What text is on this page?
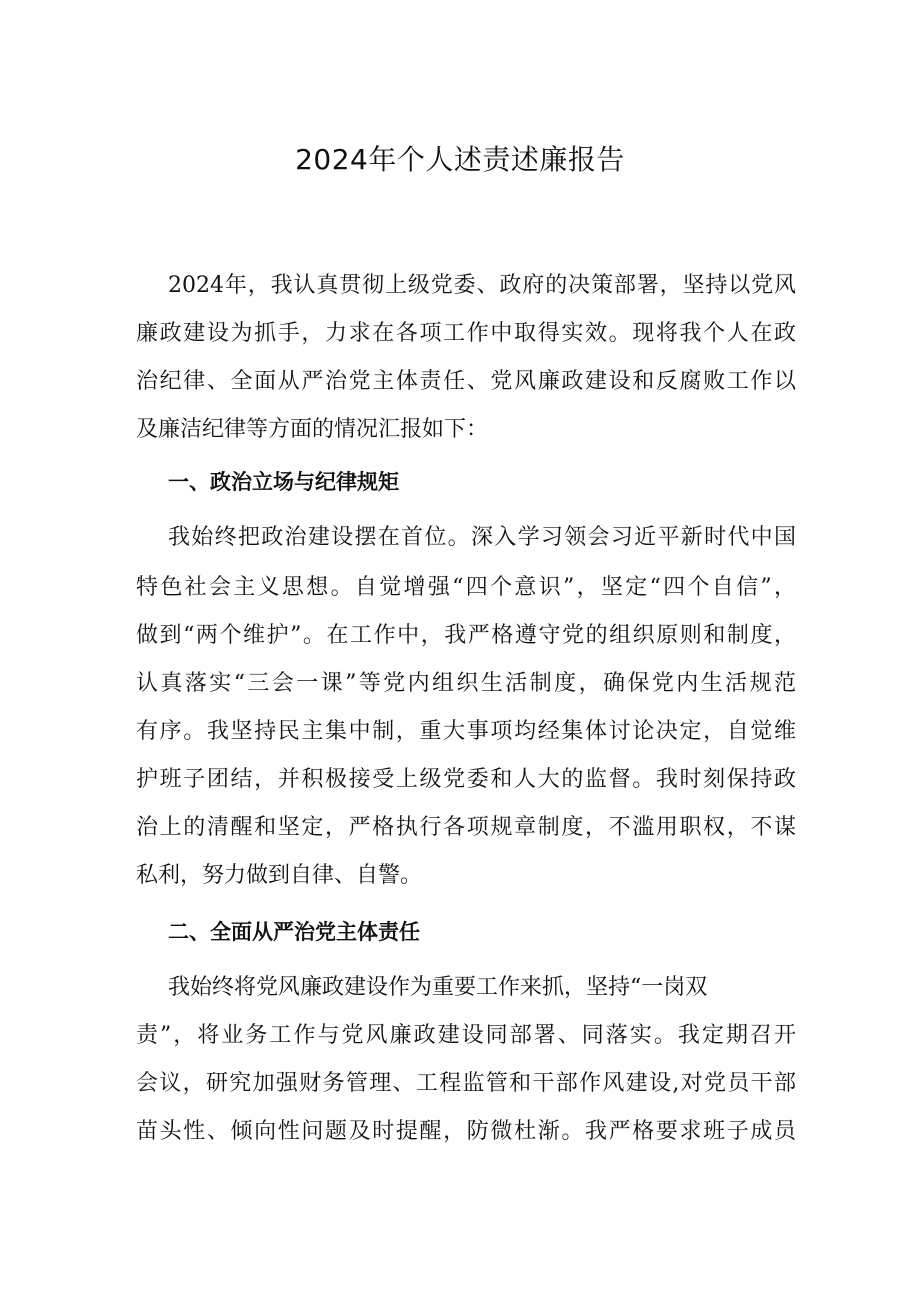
2024年个人述责述廉报告

2024年，我认真贯彻上级党委、政府的决策部署，坚持以党风

廉政建设为抓手，力求在各项工作中取得实效。现将我个人在政

治纪律、全面从严治党主体责任、党风廉政建设和反腐败工作以

及廉洁纪律等方面的情况汇报如下：

一、政治立场与纪律规矩

我始终把政治建设摆在首位。深入学习领会习近平新时代中国

特色社会主义思想。自觉增强“四个意识”，坚定“四个自信”，

做到“两个维护”。在工作中，我严格遵守党的组织原则和制度，

认真落实“三会一课”等党内组织生活制度，确保党内生活规范

有序。我坚持民主集中制，重大事项均经集体讨论决定，自觉维

护班子团结，并积极接受上级党委和人大的监督。我时刻保持政

治上的清醒和坚定，严格执行各项规章制度，不滥用职权，不谋

私利，努力做到自律、自警。

二、全面从严治党主体责任

我始终将党风廉政建设作为重要工作来抓，坚持“一岗双

责”，将业务工作与党风廉政建设同部署、同落实。我定期召开

会议，研究加强财务管理、工程监管和干部作风建设,对党员干部

苗头性、倾向性问题及时提醒，防微杜渐。我严格要求班子成员
